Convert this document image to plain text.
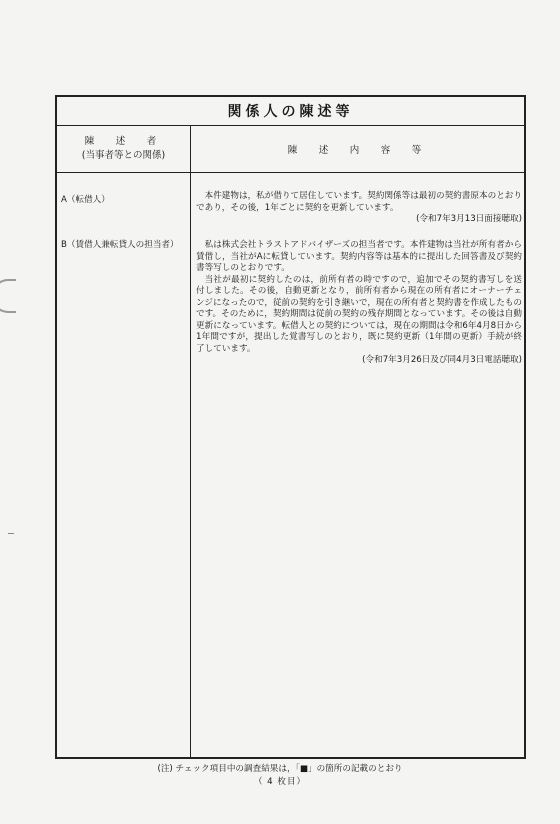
関係人の陳述等
陳　述　者
(当事者等との関係)	陳　述　内　容　等
A（転借人）	本件建物は，私が借りて居住しています。契約関係等は最初の契約書原本のとおりであり，その後，1年ごとに契約を更新しています。

(令和7年3月13日面接聴取)
B（賃借人兼転貸人の担当者）	私は株式会社トラストアドバイザーズの担当者です。本件建物は当社が所有者から賃借し，当社がAに転貸しています。契約内容等は基本的に提出した回答書及び契約書等写しのとおりです。

当社が最初に契約したのは，前所有者の時ですので，追加でその契約書写しを送付しました。その後，自動更新となり，前所有者から現在の所有者にオーナーチェンジになったので，従前の契約を引き継いで，現在の所有者と契約書を作成したものです。そのために，契約期間は従前の契約の残存期間となっています。その後は自動更新になっています。転借人との契約については，現在の期間は令和6年4月8日から1年間ですが，提出した覚書写しのとおり，既に契約更新（1年間の更新）手続が終了しています。

(令和7年3月26日及び同4月3日電話聴取)
(注) チェック項目中の調査結果は，「■」の箇所の記載のとおり
（ 4 枚目）
